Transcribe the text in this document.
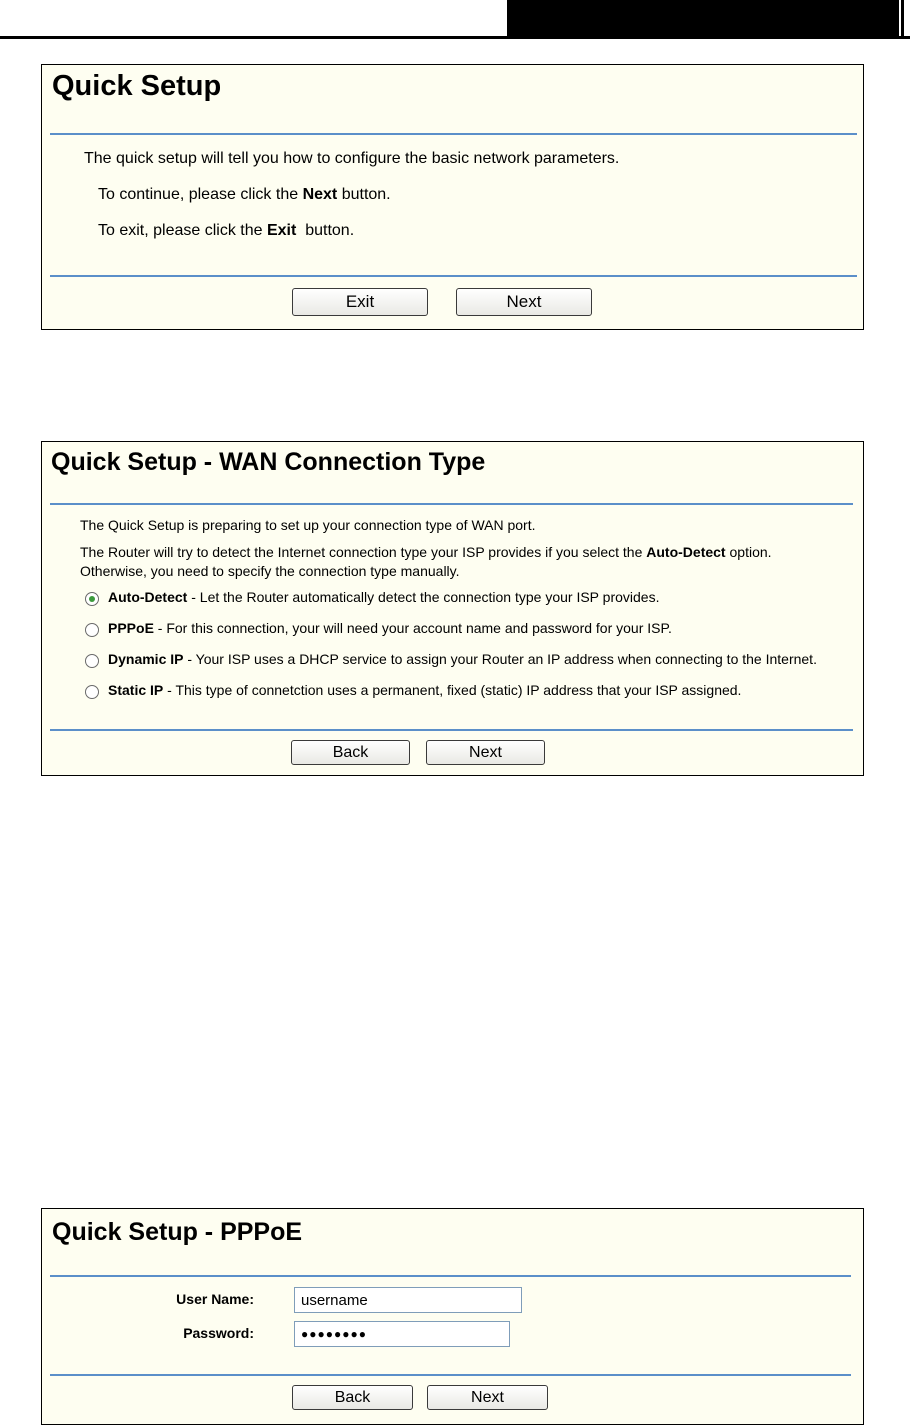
Quick Setup
The quick setup will tell you how to configure the basic network parameters.
To continue, please click the Next button.
To exit, please click the Exit  button.
Exit	Next
Quick Setup - WAN Connection Type
The Quick Setup is preparing to set up your connection type of WAN port.
The Router will try to detect the Internet connection type your ISP provides if you select the Auto-Detect option.
Otherwise, you need to specify the connection type manually.
Auto-Detect - Let the Router automatically detect the connection type your ISP provides.
PPPoE - For this connection, your will need your account name and password for your ISP.
Dynamic IP - Your ISP uses a DHCP service to assign your Router an IP address when connecting to the Internet.
Static IP - This type of connetction uses a permanent, fixed (static) IP address that your ISP assigned.
Back	Next
Quick Setup - PPPoE
User Name:
username
Password:	●●●●●●●●
Back	Next
